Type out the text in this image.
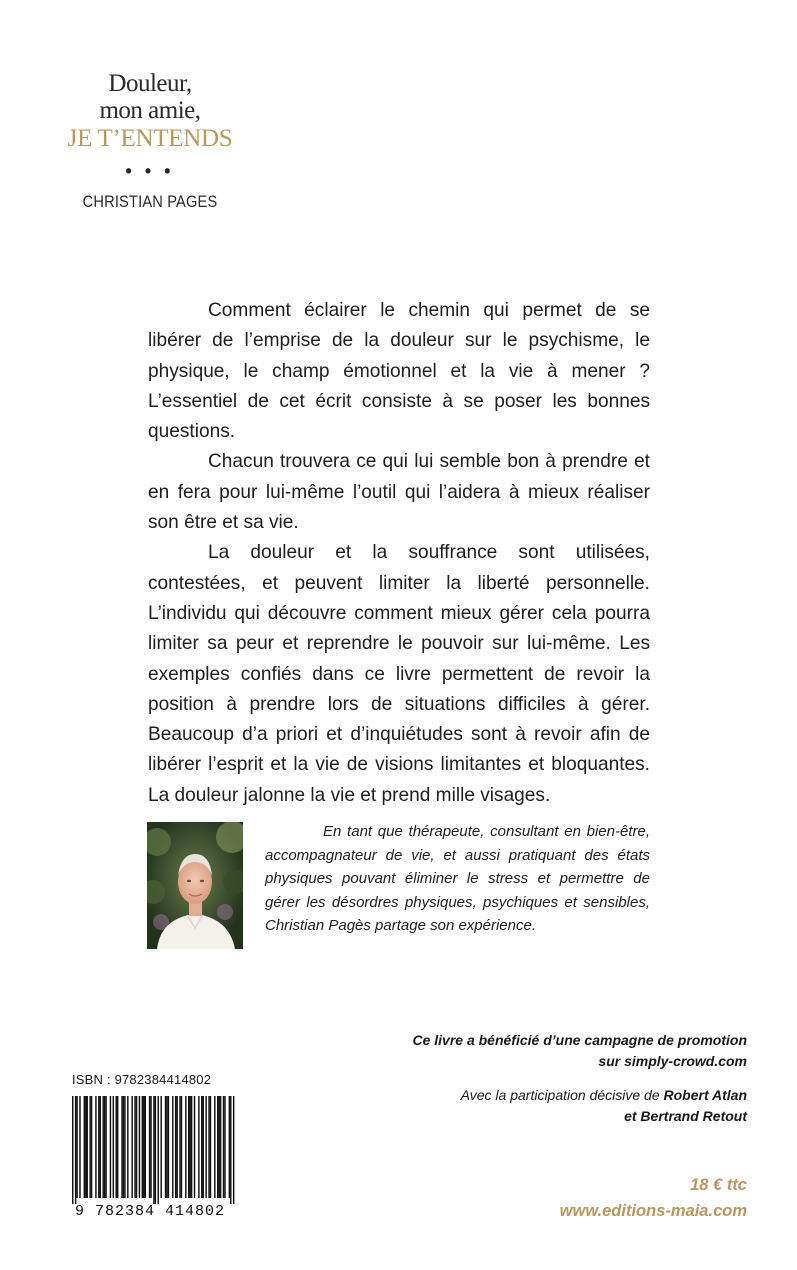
Douleur,
mon amie,
JE T’ENTENDS
• • •
CHRISTIAN PAGES

Comment éclairer le chemin qui permet de se libérer de l’emprise de la douleur sur le psychisme, le physique, le champ émotionnel et la vie à mener ? L’essentiel de cet écrit consiste à se poser les bonnes questions.

Chacun trouvera ce qui lui semble bon à prendre et en fera pour lui-même l’outil qui l’aidera à mieux réaliser son être et sa vie.

La douleur et la souffrance sont utilisées, contestées, et peuvent limiter la liberté personnelle. L’individu qui découvre comment mieux gérer cela pourra limiter sa peur et reprendre le pouvoir sur lui-même. Les exemples confiés dans ce livre permettent de revoir la position à prendre lors de situations difficiles à gérer. Beaucoup d’a priori et d’inquiétudes sont à revoir afin de libérer l’esprit et la vie de visions limitantes et bloquantes. La douleur jalonne la vie et prend mille visages.

En tant que thérapeute, consultant en bien-être, accompagnateur de vie, et aussi pratiquant des états physiques pouvant éliminer le stress et permettre de gérer les désordres physiques, psychiques et sensibles, Christian Pagès partage son expérience.

Ce livre a bénéficié d’une campagne de promotion
sur simply-crowd.com
Avec la participation décisive de Robert Atlan
et Bertrand Retout
ISBN : 9782384414802
9 782384 414802
18 € ttc
www.editions-maia.com
